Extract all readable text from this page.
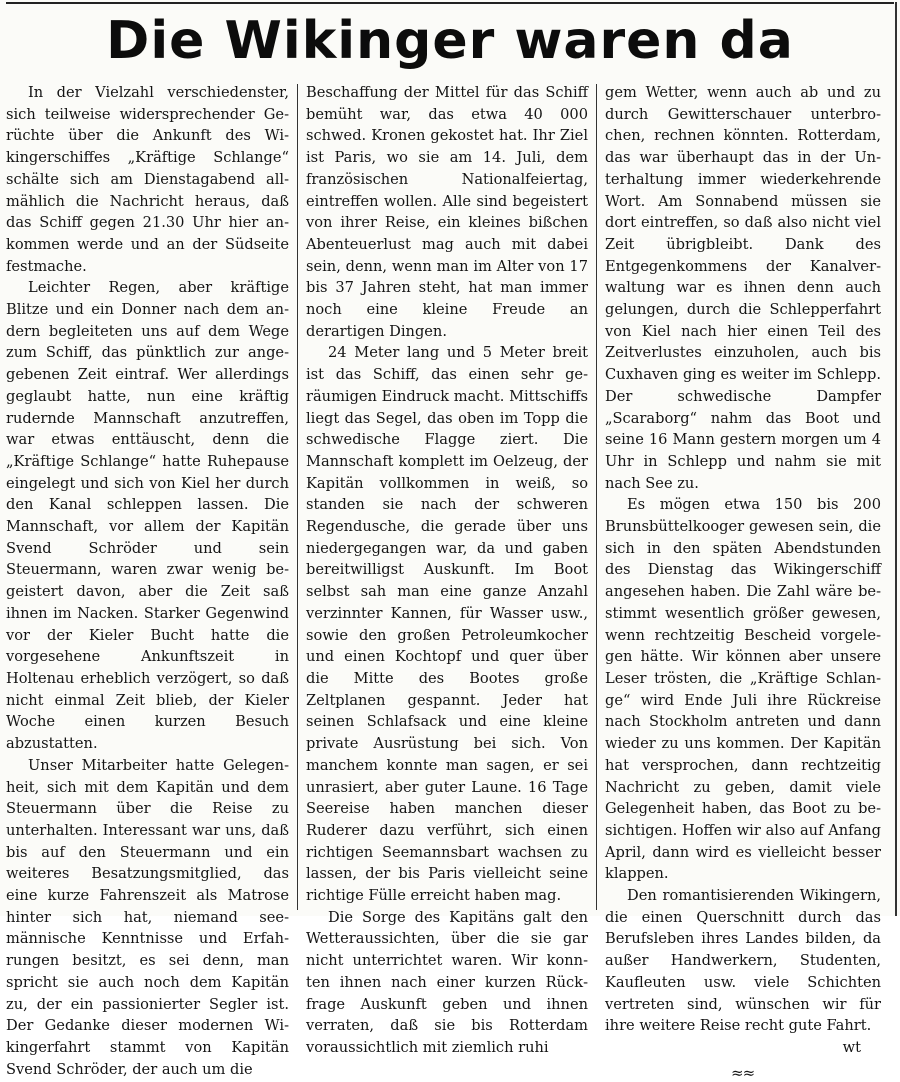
Die Wikinger waren da

In der Vielzahl verschiedenster, sich teilweise widersprechender Gerüchte über die Ankunft des Wikingerschiffes „Kräftige Schlange“ schälte sich am Dienstagabend allmählich die Nachricht heraus, daß das Schiff gegen 21.30 Uhr hier ankommen werde und an der Südseite festmache.

Leichter Regen, aber kräftige Blitze und ein Donner nach dem andern begleiteten uns auf dem Wege zum Schiff, das pünktlich zur angegebenen Zeit eintraf. Wer allerdings geglaubt hatte, nun eine kräftig rudernde Mannschaft anzutreffen, war etwas enttäuscht, denn die „Kräftige Schlange“ hatte Ruhepause eingelegt und sich von Kiel her durch den Kanal schleppen lassen. Die Mannschaft, vor allem der Kapitän Svend Schröder und sein Steuermann, waren zwar wenig begeistert davon, aber die Zeit saß ihnen im Nacken. Starker Gegenwind vor der Kieler Bucht hatte die vorgesehene Ankunftszeit in Holtenau erheblich verzögert, so daß nicht einmal Zeit blieb, der Kieler Woche einen kurzen Besuch abzustatten.

Unser Mitarbeiter hatte Gelegenheit, sich mit dem Kapitän und dem Steuermann über die Reise zu unterhalten. Interessant war uns, daß bis auf den Steuermann und ein weiteres Besatzungsmitglied, das eine kurze Fahrenszeit als Matrose hinter sich hat, niemand seemännische Kenntnisse und Erfahrungen besitzt, es sei denn, man spricht sie auch noch dem Kapitän zu, der ein passionierter Segler ist. Der Gedanke dieser modernen Wikingerfahrt stammt von Kapitän Svend Schröder, der auch um die

Beschaffung der Mittel für das Schiff bemüht war, das etwa 40 000 schwed. Kronen gekostet hat. Ihr Ziel ist Paris, wo sie am 14. Juli, dem französischen Nationalfeiertag, eintreffen wollen. Alle sind begeistert von ihrer Reise, ein kleines bißchen Abenteuerlust mag auch mit dabei sein, denn, wenn man im Alter von 17 bis 37 Jahren steht, hat man immer noch eine kleine Freude an derartigen Dingen.

24 Meter lang und 5 Meter breit ist das Schiff, das einen sehr geräumigen Eindruck macht. Mittschiffs liegt das Segel, das oben im Topp die schwedische Flagge ziert. Die Mannschaft komplett im Oelzeug, der Kapitän vollkommen in weiß, so standen sie nach der schweren Regendusche, die gerade über uns niedergegangen war, da und gaben bereitwilligst Auskunft. Im Boot selbst sah man eine ganze Anzahl verzinnter Kannen, für Wasser usw., sowie den großen Petroleumkocher und einen Kochtopf und quer über die Mitte des Bootes große Zeltplanen gespannt. Jeder hat seinen Schlafsack und eine kleine private Ausrüstung bei sich. Von manchem konnte man sagen, er sei unrasiert, aber guter Laune. 16 Tage Seereise haben manchen dieser Ruderer dazu verführt, sich einen richtigen Seemannsbart wachsen zu lassen, der bis Paris vielleicht seine richtige Fülle erreicht haben mag.

Die Sorge des Kapitäns galt den Wetteraussichten, über die sie gar nicht unterrichtet waren. Wir konnten ihnen nach einer kurzen Rückfrage Auskunft geben und ihnen verraten, daß sie bis Rotterdam voraussichtlich mit ziemlich ruhi

gem Wetter, wenn auch ab und zu durch Gewitterschauer unterbrochen, rechnen könnten. Rotterdam, das war überhaupt das in der Unterhaltung immer wiederkehrende Wort. Am Sonnabend müssen sie dort eintreffen, so daß also nicht viel Zeit übrigbleibt. Dank des Entgegenkommens der Kanalverwaltung war es ihnen denn auch gelungen, durch die Schlepperfahrt von Kiel nach hier einen Teil des Zeitverlustes einzuholen, auch bis Cuxhaven ging es weiter im Schlepp. Der schwedische Dampfer „Scaraborg“ nahm das Boot und seine 16 Mann gestern morgen um 4 Uhr in Schlepp und nahm sie mit nach See zu.

Es mögen etwa 150 bis 200 Brunsbüttelkooger gewesen sein, die sich in den späten Abendstunden des Dienstag das Wikingerschiff angesehen haben. Die Zahl wäre bestimmt wesentlich größer gewesen, wenn rechtzeitig Bescheid vorgelegen hätte. Wir können aber unsere Leser trösten, die „Kräftige Schlange“ wird Ende Juli ihre Rückreise nach Stockholm antreten und dann wieder zu uns kommen. Der Kapitän hat versprochen, dann rechtzeitig Nachricht zu geben, damit viele Gelegenheit haben, das Boot zu besichtigen. Hoffen wir also auf Anfang April, dann wird es vielleicht besser klappen.

Den romantisierenden Wikingern, die einen Querschnitt durch das Berufsleben ihres Landes bilden, da außer Handwerkern, Studenten, Kaufleuten usw. viele Schichten vertreten sind, wünschen wir für ihre weitere Reise recht gute Fahrt.

wt

≈≈
